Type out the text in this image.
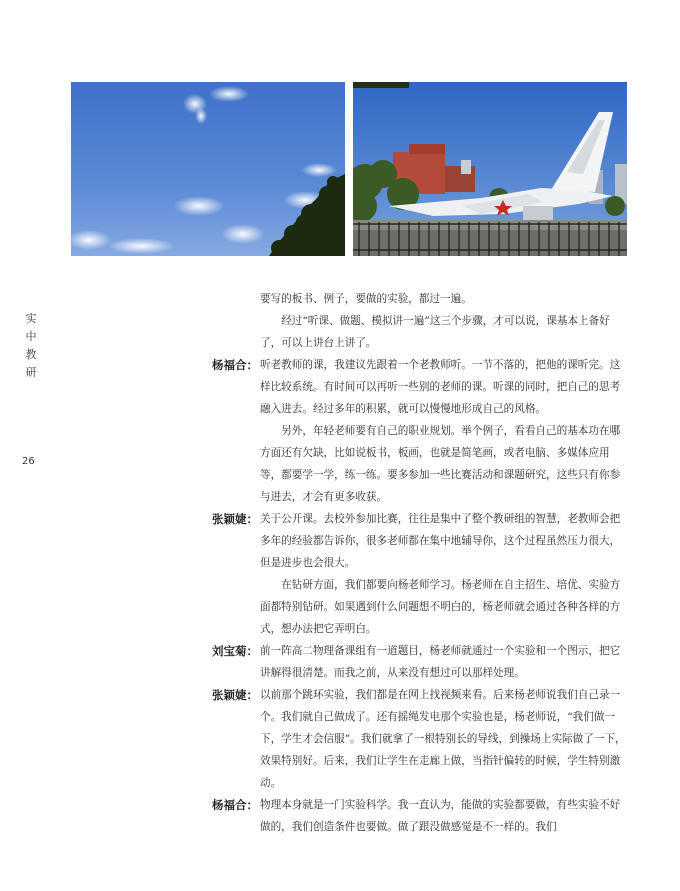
实
中
教
研
26

要写的板书、例子，要做的实验，都过一遍。

经过“听课、做题、模拟讲一遍”这三个步骤，才可以说，课基本上备好了，可以上讲台上讲了。

杨福合： 听老教师的课，我建议先跟着一个老教师听。一节不落的，把他的课听完。这样比较系统。有时间可以再听一些别的老师的课。听课的同时，把自己的思考融入进去。经过多年的积累，就可以慢慢地形成自己的风格。

另外，年轻老师要有自己的职业规划。举个例子，看看自己的基本功在哪方面还有欠缺，比如说板书，板画，也就是简笔画，或者电脑、多媒体应用等，都要学一学，练一练。要多参加一些比赛活动和课题研究，这些只有你参与进去，才会有更多收获。

张颖婕： 关于公开课。去校外参加比赛，往往是集中了整个教研组的智慧，老教师会把多年的经验都告诉你，很多老师都在集中地辅导你，这个过程虽然压力很大，但是进步也会很大。

在钻研方面，我们都要向杨老师学习。杨老师在自主招生、培优、实验方面都特别钻研。如果遇到什么问题想不明白的，杨老师就会通过各种各样的方式，想办法把它弄明白。

刘宝菊： 前一阵高二物理备课组有一道题目，杨老师就通过一个实验和一个图示，把它讲解得很清楚。而我之前，从来没有想过可以那样处理。

张颖婕： 以前那个跳环实验，我们都是在网上找视频来看。后来杨老师说我们自己录一个。我们就自己做成了。还有摇绳发电那个实验也是，杨老师说，“我们做一下，学生才会信服”。我们就拿了一根特别长的导线，到操场上实际做了一下，效果特别好。后来，我们让学生在走廊上做，当指针偏转的时候，学生特别激动。

杨福合： 物理本身就是一门实验科学。我一直认为，能做的实验都要做，有些实验不好做的，我们创造条件也要做。做了跟没做感觉是不一样的。我们
